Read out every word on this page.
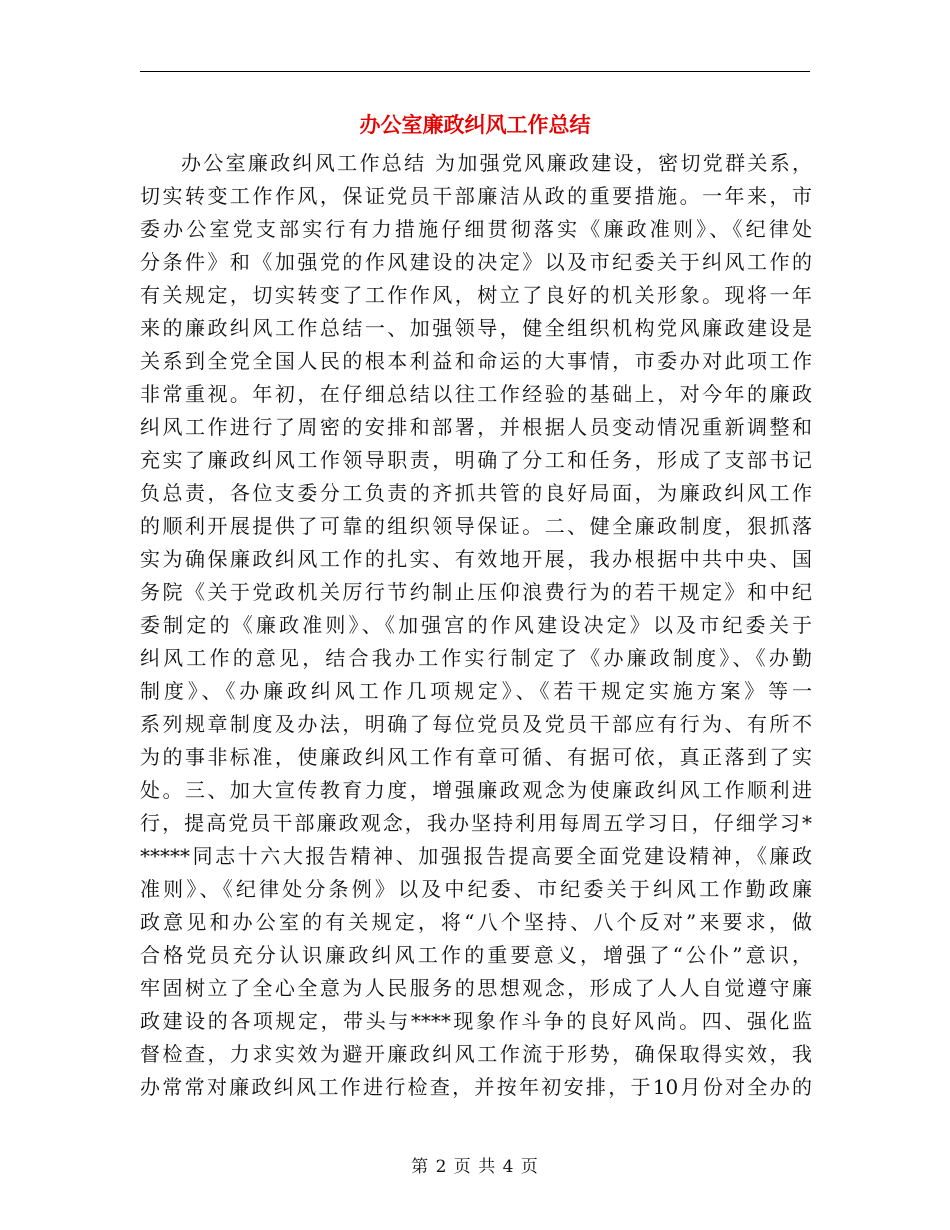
办公室廉政纠风工作总结
办公室廉政纠风工作总结 为加强党风廉政建设，密切党群关系，
切实转变工作作风，保证党员干部廉洁从政的重要措施。一年来，市
委办公室党支部实行有力措施仔细贯彻落实《廉政准则》、《纪律处
分条件》和《加强党的作风建设的决定》以及市纪委关于纠风工作的
有关规定，切实转变了工作作风，树立了良好的机关形象。现将一年
来的廉政纠风工作总结一、加强领导，健全组织机构党风廉政建设是
关系到全党全国人民的根本利益和命运的大事情，市委办对此项工作
非常重视。年初，在仔细总结以往工作经验的基础上，对今年的廉政
纠风工作进行了周密的安排和部署，并根据人员变动情况重新调整和
充实了廉政纠风工作领导职责，明确了分工和任务，形成了支部书记
负总责，各位支委分工负责的齐抓共管的良好局面，为廉政纠风工作
的顺利开展提供了可靠的组织领导保证。二、健全廉政制度，狠抓落
实为确保廉政纠风工作的扎实、有效地开展，我办根据中共中央、国
务院《关于党政机关厉行节约制止压仰浪费行为的若干规定》和中纪
委制定的《廉政准则》、《加强宫的作风建设决定》以及市纪委关于
纠风工作的意见，结合我办工作实行制定了《办廉政制度》、《办勤
制度》、《办廉政纠风工作几项规定》、《若干规定实施方案》等一
系列规章制度及办法，明确了每位党员及党员干部应有行为、有所不
为的事非标准，使廉政纠风工作有章可循、有据可依，真正落到了实
处。三、加大宣传教育力度，增强廉政观念为使廉政纠风工作顺利进
行，提高党员干部廉政观念，我办坚持利用每周五学习日，仔细学习*
*****同志十六大报告精神、加强报告提高要全面党建设精神，《廉政
准则》、《纪律处分条例》以及中纪委、市纪委关于纠风工作勤政廉
政意见和办公室的有关规定，将“八个坚持、八个反对”来要求，做
合格党员充分认识廉政纠风工作的重要意义，增强了“公仆”意识，
牢固树立了全心全意为人民服务的思想观念，形成了人人自觉遵守廉
政建设的各项规定，带头与****现象作斗争的良好风尚。四、强化监
督检查，力求实效为避开廉政纠风工作流于形势，确保取得实效，我
办常常对廉政纠风工作进行检查，并按年初安排，于10月份对全办的
第 2 页 共 4 页
